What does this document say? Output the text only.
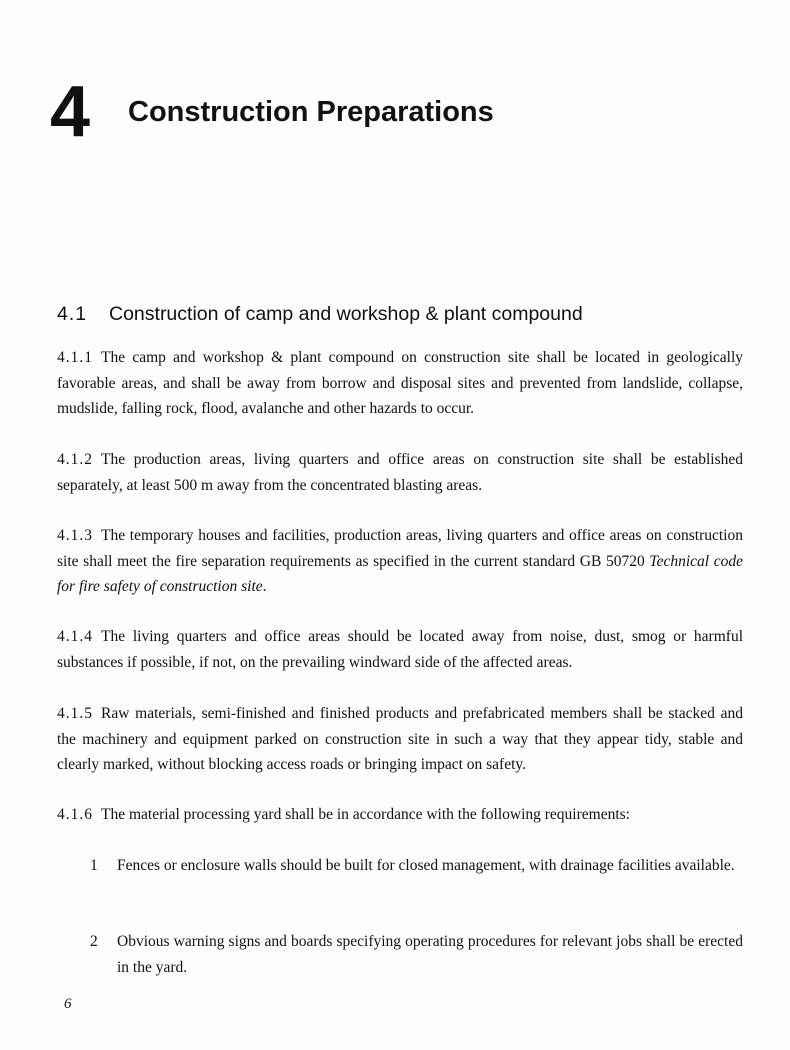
4 Construction Preparations
4.1 Construction of camp and workshop & plant compound

4.1.1 The camp and workshop & plant compound on construction site shall be located in geologically favorable areas, and shall be away from borrow and disposal sites and prevented from landslide, collapse, mudslide, falling rock, flood, avalanche and other hazards to occur.

4.1.2 The production areas, living quarters and office areas on construction site shall be established separately, at least 500 m away from the concentrated blasting areas.

4.1.3 The temporary houses and facilities, production areas, living quarters and office areas on construction site shall meet the fire separation requirements as specified in the current standard GB 50720 Technical code for fire safety of construction site.

4.1.4 The living quarters and office areas should be located away from noise, dust, smog or harmful substances if possible, if not, on the prevailing windward side of the affected areas.

4.1.5 Raw materials, semi-finished and finished products and prefabricated members shall be stacked and the machinery and equipment parked on construction site in such a way that they appear tidy, stable and clearly marked, without blocking access roads or bringing impact on safety.

4.1.6 The material processing yard shall be in accordance with the following requirements:

1 Fences or enclosure walls should be built for closed management, with drainage facilities available.
2 Obvious warning signs and boards specifying operating procedures for relevant jobs shall be erected in the yard.
6
